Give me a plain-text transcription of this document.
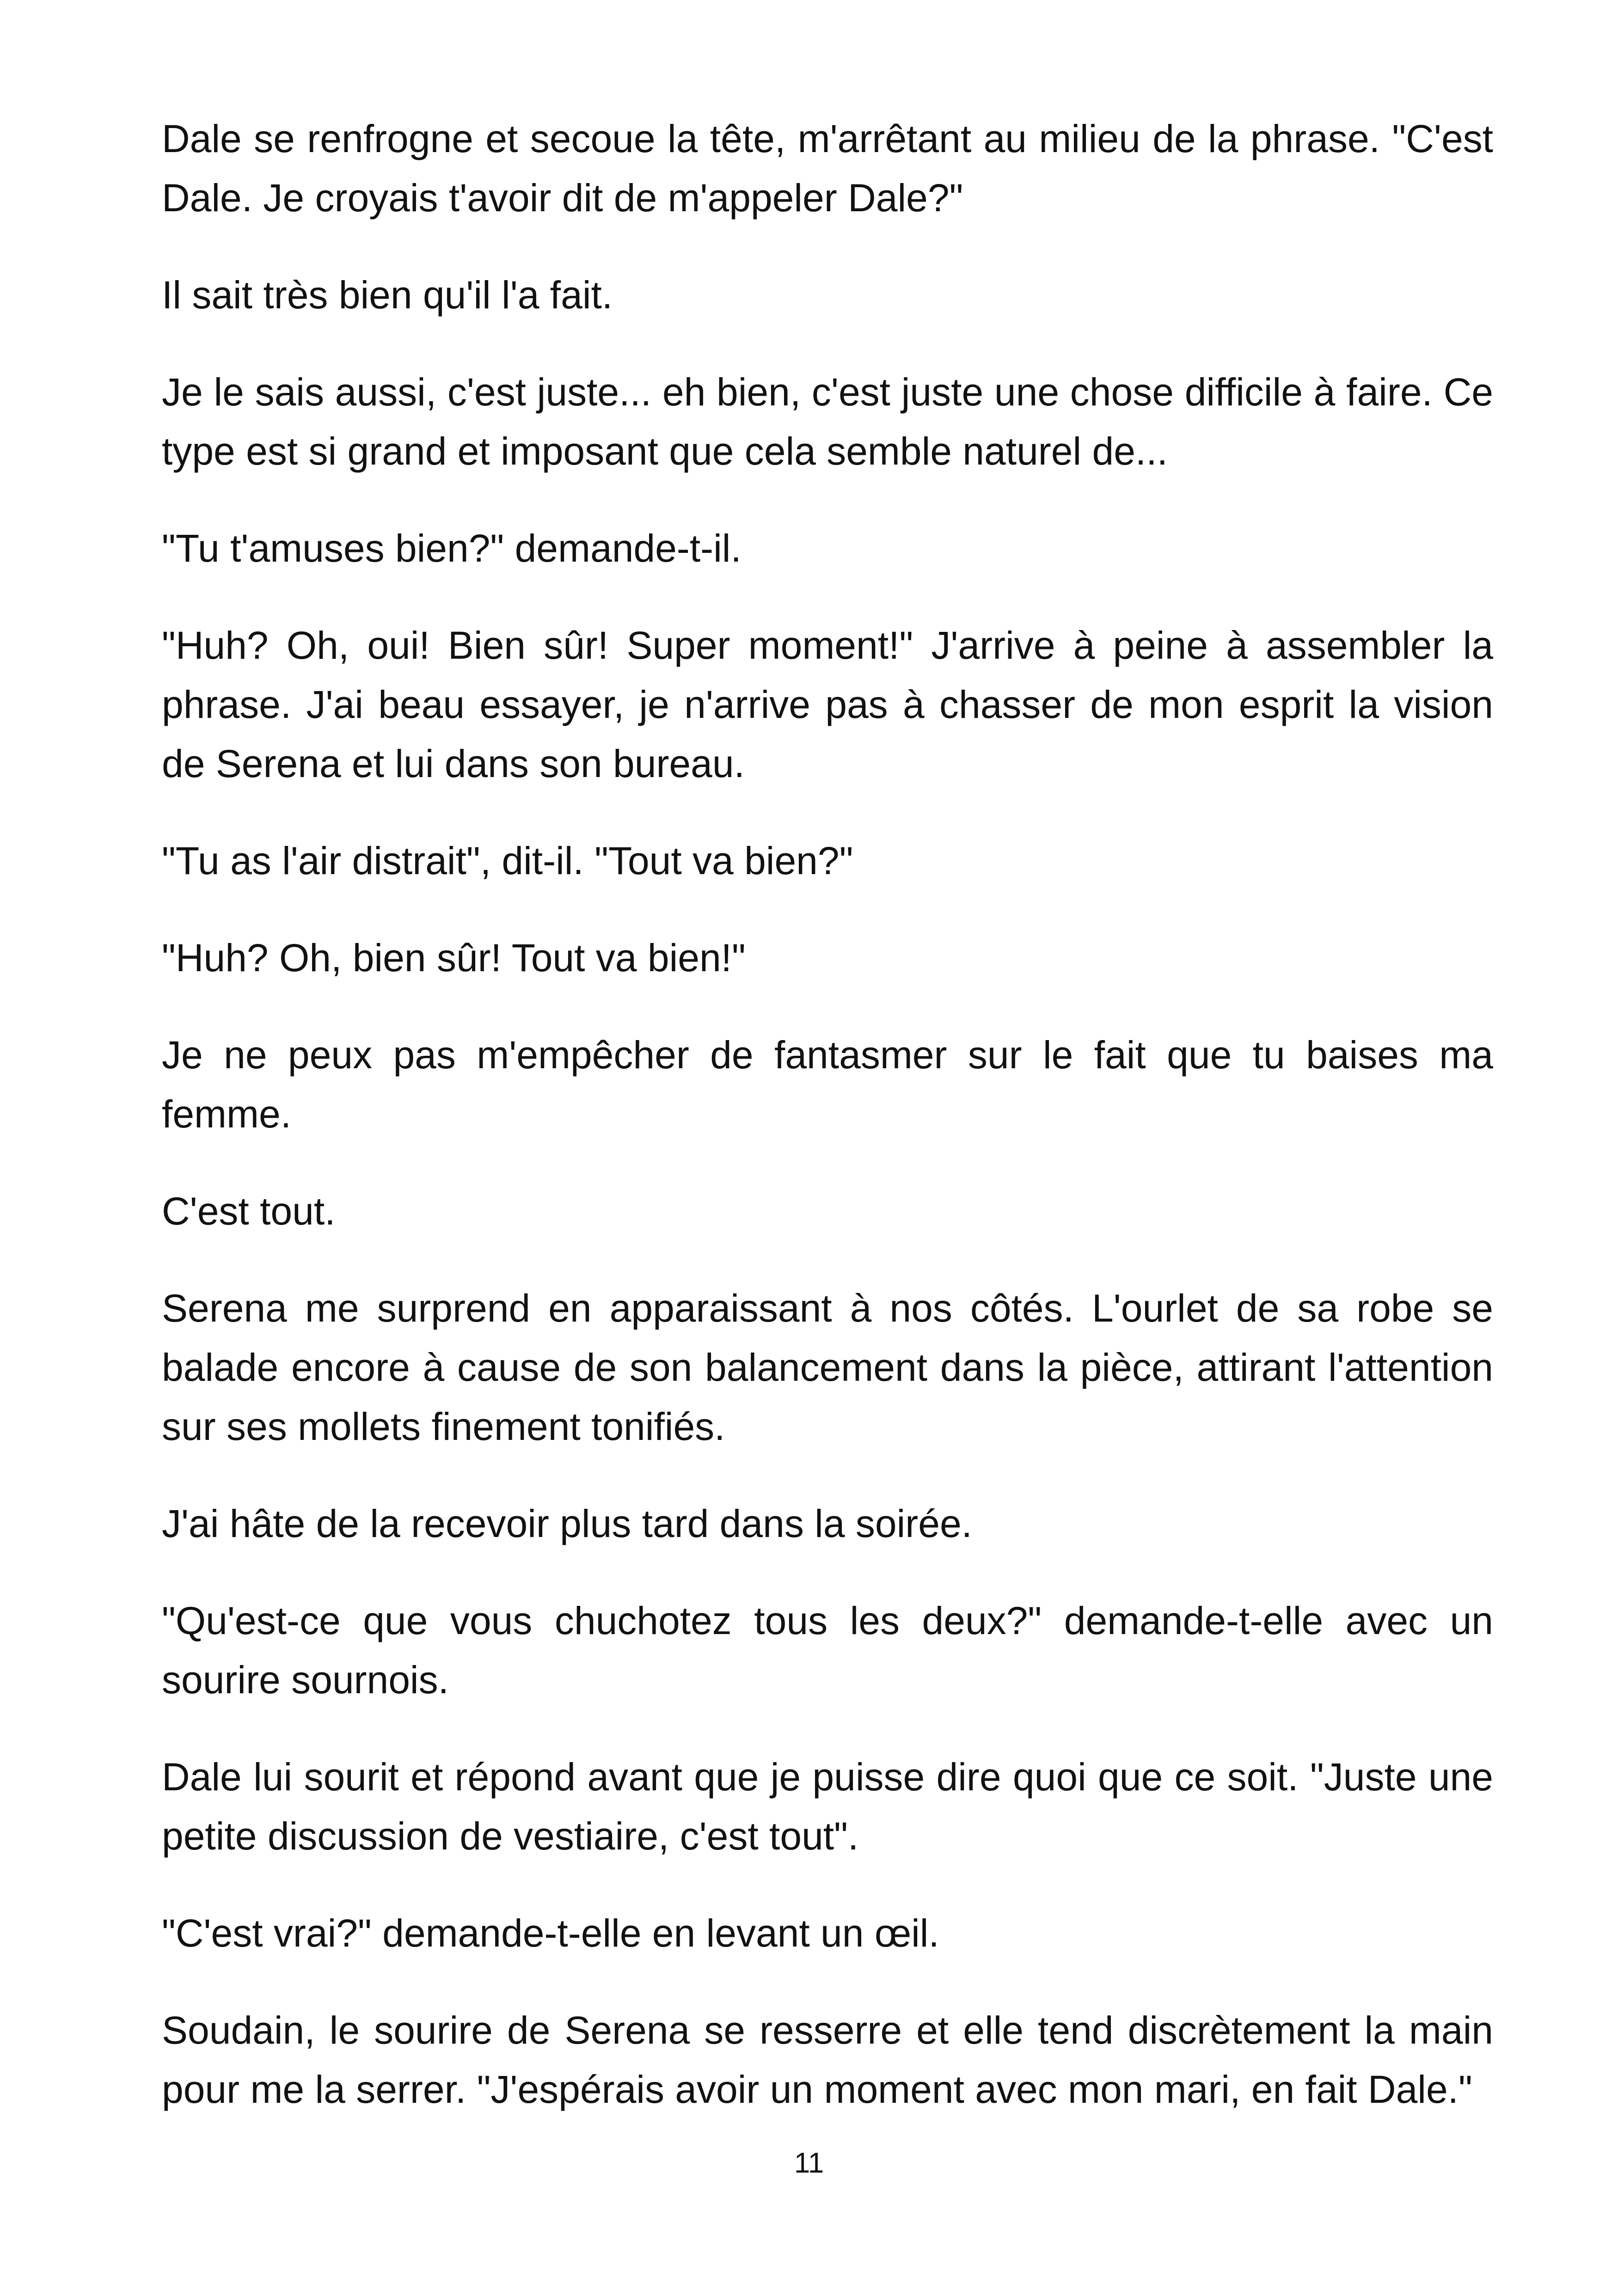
Dale se renfrogne et secoue la tête, m'arrêtant au milieu de la phrase. "C'est Dale. Je croyais t'avoir dit de m'appeler Dale?"

Il sait très bien qu'il l'a fait.

Je le sais aussi, c'est juste... eh bien, c'est juste une chose difficile à faire. Ce type est si grand et imposant que cela semble naturel de...

"Tu t'amuses bien?" demande-t-il.

"Huh? Oh, oui! Bien sûr! Super moment!" J'arrive à peine à assembler la phrase. J'ai beau essayer, je n'arrive pas à chasser de mon esprit la vision de Serena et lui dans son bureau.

"Tu as l'air distrait", dit-il. "Tout va bien?"

"Huh? Oh, bien sûr! Tout va bien!"

Je ne peux pas m'empêcher de fantasmer sur le fait que tu baises ma femme.

C'est tout.

Serena me surprend en apparaissant à nos côtés. L'ourlet de sa robe se balade encore à cause de son balancement dans la pièce, attirant l'attention sur ses mollets finement tonifiés.

J'ai hâte de la recevoir plus tard dans la soirée.

"Qu'est-ce que vous chuchotez tous les deux?" demande-t-elle avec un sourire sournois.

Dale lui sourit et répond avant que je puisse dire quoi que ce soit. "Juste une petite discussion de vestiaire, c'est tout".

"C'est vrai?" demande-t-elle en levant un œil.

Soudain, le sourire de Serena se resserre et elle tend discrètement la main pour me la serrer. "J'espérais avoir un moment avec mon mari, en fait Dale."

11
